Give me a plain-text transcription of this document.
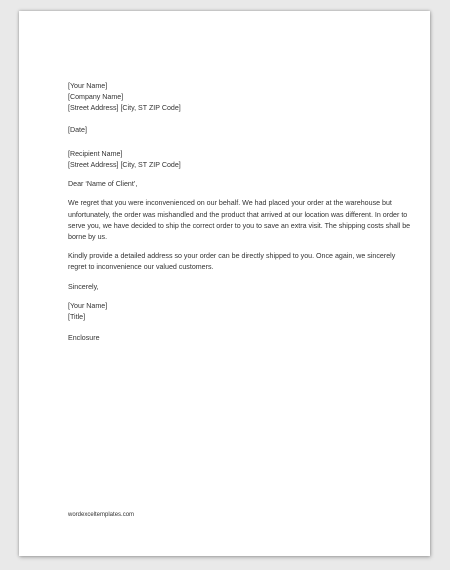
[Your Name]
[Company Name]
[Street Address] [City, ST ZIP Code]
[Date]
[Recipient Name]
[Street Address] [City, ST ZIP Code]
Dear ‘Name of Client’,

We regret that you were inconvenienced on our behalf. We had placed your order at the warehouse but unfortunately, the order was mishandled and the product that arrived at our location was different. In order to serve you, we have decided to ship the correct order to you to save an extra visit. The shipping costs shall be borne by us.

Kindly provide a detailed address so your order can be directly shipped to you. Once again, we sincerely regret to inconvenience our valued customers.

Sincerely,
[Your Name]
[Title]
Enclosure
wordexceltemplates.com
